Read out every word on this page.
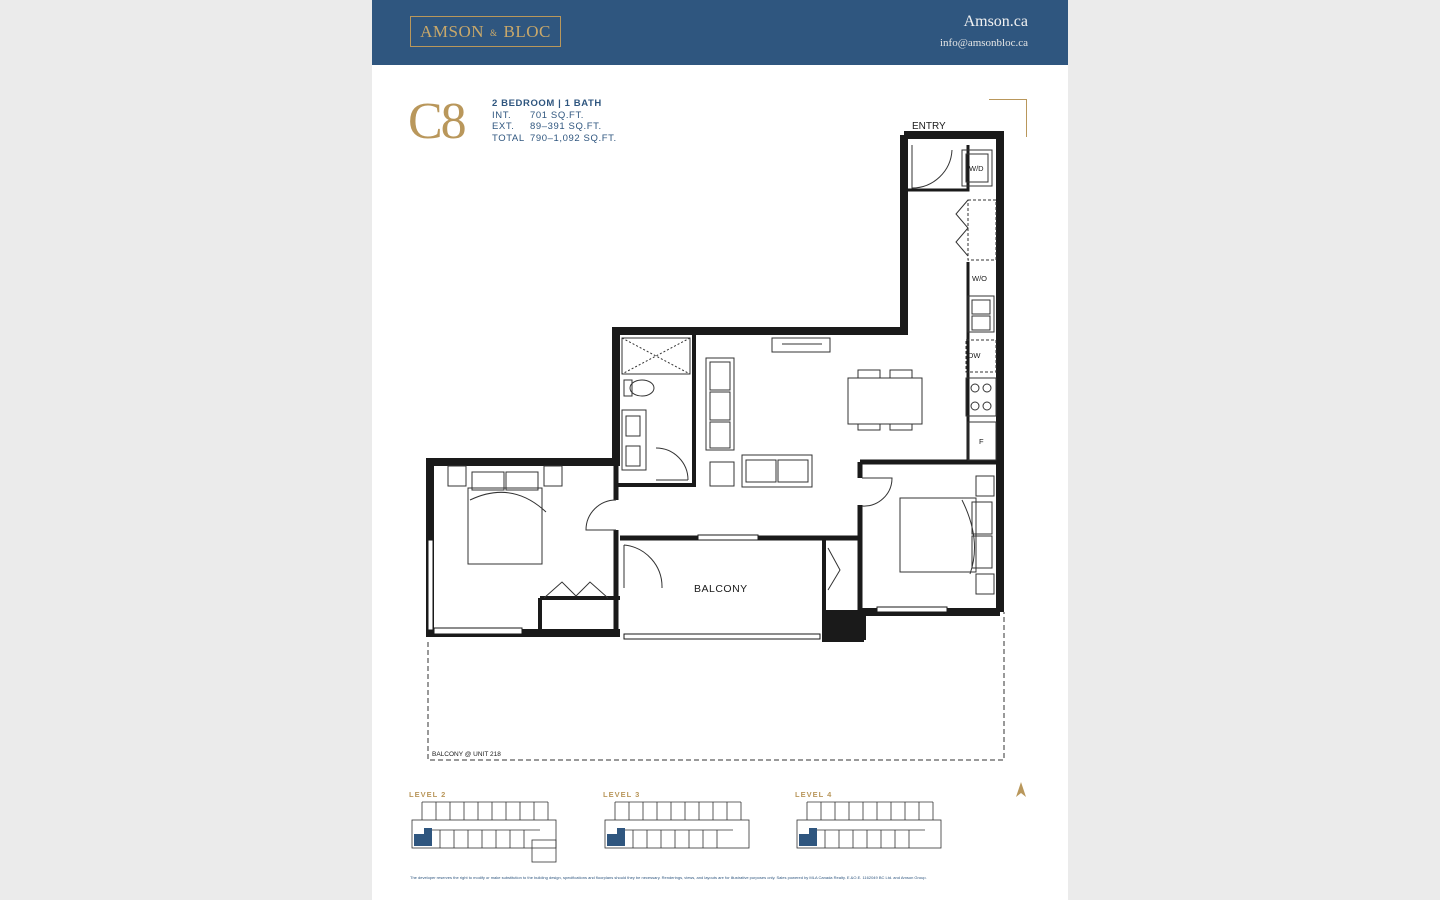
AMSON & BLOC
Amson.ca
info@amsonbloc.ca
C8	2 BEDROOM | 1 BATH
INT. 701 SQ.FT.
EXT. 89–391 SQ.FT.
TOTAL 790–1,092 SQ.FT.
ENTRY
W/D
W/O
DW
F
BALCONY
BALCONY @ UNIT 218
LEVEL 2	LEVEL 3	LEVEL 4
The developer reserves the right to modify or make substitution to the building design, specifications and floorplans should they be necessary. Renderings, views, and layouts are for illustrative purposes only. Sales powered by MLA Canada Realty. E.&O.E. 1162049 BC Ltd. and Amson Group.
